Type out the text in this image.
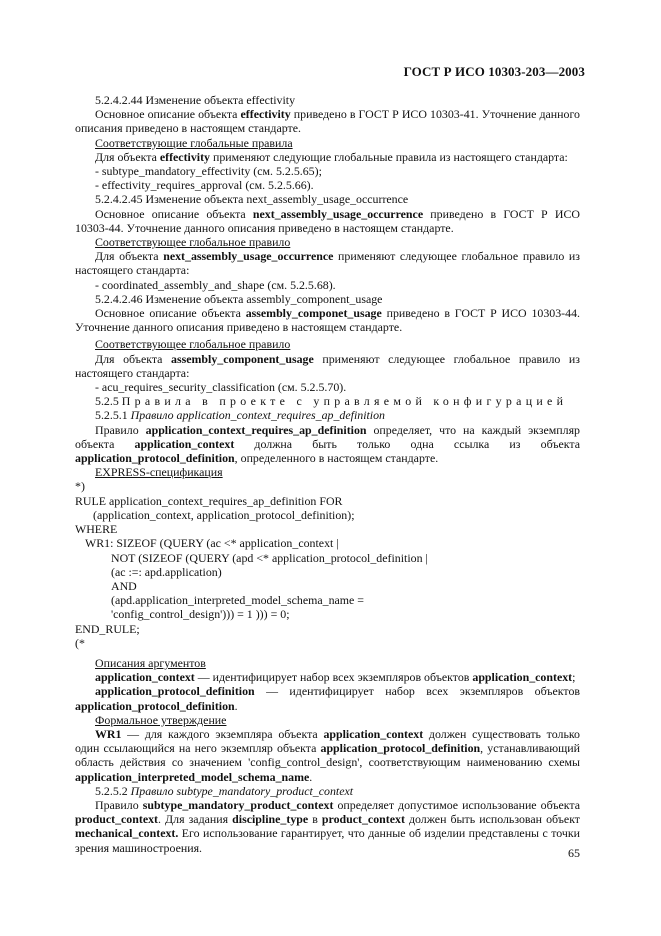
ГОСТ Р ИСО 10303-203—2003

5.2.4.2.44 Изменение объекта effectivity

Основное описание объекта effectivity приведено в ГОСТ Р ИСО 10303-41. Уточнение данного описания приведено в настоящем стандарте.

Соответствующие глобальные правила

Для объекта effectivity применяют следующие глобальные правила из настоящего стандарта:

- subtype_mandatory_effectivity (см. 5.2.5.65);

- effectivity_requires_approval (см. 5.2.5.66).

5.2.4.2.45 Изменение объекта next_assembly_usage_occurrence

Основное описание объекта next_assembly_usage_occurrence приведено в ГОСТ Р ИСО 10303-44. Уточнение данного описания приведено в настоящем стандарте.

Соответствующее глобальное правило

Для объекта next_assembly_usage_occurrence применяют следующее глобальное правило из настоящего стандарта:

- coordinated_assembly_and_shape (см. 5.2.5.68).

5.2.4.2.46 Изменение объекта assembly_component_usage

Основное описание объекта assembly_componet_usage приведено в ГОСТ Р ИСО 10303-44. Уточнение данного описания приведено в настоящем стандарте.

Соответствующее глобальное правило

Для объекта assembly_component_usage применяют следующее глобальное правило из настоящего стандарта:

- acu_requires_security_classification (см. 5.2.5.70).

5.2.5 Правила в проекте с управляемой конфигурацией

5.2.5.1 Правило application_context_requires_ap_definition

Правило application_context_requires_ap_definition определяет, что на каждый экземпляр объекта application_context должна быть только одна ссылка из объекта application_protocol_definition, определенного в настоящем стандарте.

EXPRESS-спецификация

*)

RULE application_context_requires_ap_definition FOR

(application_context, application_protocol_definition);

WHERE

WR1: SIZEOF (QUERY (ac <* application_context |

NOT (SIZEOF (QUERY (apd <* application_protocol_definition |

(ac :=: apd.application)

AND

(apd.application_interpreted_model_schema_name =

'config_control_design'))) = 1 ))) = 0;

END_RULE;

(*

Описания аргументов

application_context — идентифицирует набор всех экземпляров объектов application_context;

application_protocol_definition — идентифицирует набор всех экземпляров объектов application_protocol_definition.

Формальное утверждение

WR1 — для каждого экземпляра объекта application_context должен существовать только один ссылающийся на него экземпляр объекта application_protocol_definition, устанавливающий область действия со значением 'config_control_design', соответствующим наименованию схемы application_interpreted_model_schema_name.

5.2.5.2 Правило subtype_mandatory_product_context

Правило subtype_mandatory_product_context определяет допустимое использование объекта product_context. Для задания discipline_type в product_context должен быть использован объект mechanical_context. Его использование гарантирует, что данные об изделии представлены с точки зрения машиностроения.	65
